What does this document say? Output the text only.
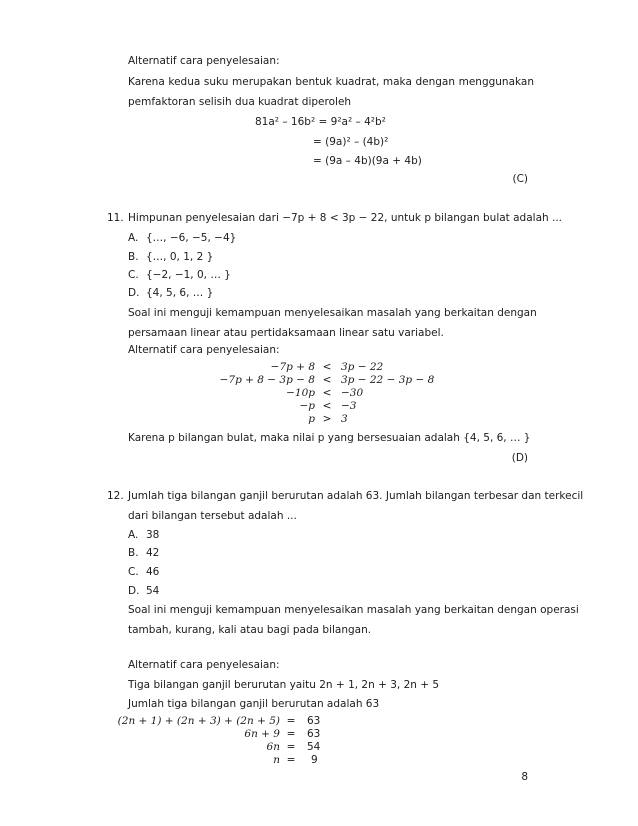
Alternatif cara penyelesaian:
Karena kedua suku merupakan bentuk kuadrat, maka dengan menggunakan
pemfaktoran selisih dua kuadrat diperoleh
81a² – 16b² = 9²a² – 4²b²
= (9a)² – (4b)²
= (9a – 4b)(9a + 4b)
(C)
11. Himpunan penyelesaian dari −7p + 8 < 3p − 22, untuk p bilangan bulat adalah ...
A. {…, −6, −5, −4}
B. {…, 0, 1, 2 }
C. {−2, −1, 0, … }
D. {4, 5, 6, … }
Soal ini menguji kemampuan menyelesaikan masalah yang berkaitan dengan
persamaan linear atau pertidaksamaan linear satu variabel.
Alternatif cara penyelesaian:
−7p + 8 < 3p − 22
−7p + 8 − 3p − 8 < 3p − 22 − 3p − 8
−10p < −30
−p < −3
p > 3
Karena p bilangan bulat, maka nilai p yang bersesuaian adalah {4, 5, 6, … }
(D)
12. Jumlah tiga bilangan ganjil berurutan adalah 63. Jumlah bilangan terbesar dan terkecil
dari bilangan tersebut adalah ...
A. 38
B. 42
C. 46
D. 54
Soal ini menguji kemampuan menyelesaikan masalah yang berkaitan dengan operasi
tambah, kurang, kali atau bagi pada bilangan.
Alternatif cara penyelesaian:
Tiga bilangan ganjil berurutan yaitu 2n + 1, 2n + 3, 2n + 5
Jumlah tiga bilangan ganjil berurutan adalah 63
(2n + 1) + (2n + 3) + (2n + 5) =	63
6n + 9 =	63
6n =	54
n =	9
8
